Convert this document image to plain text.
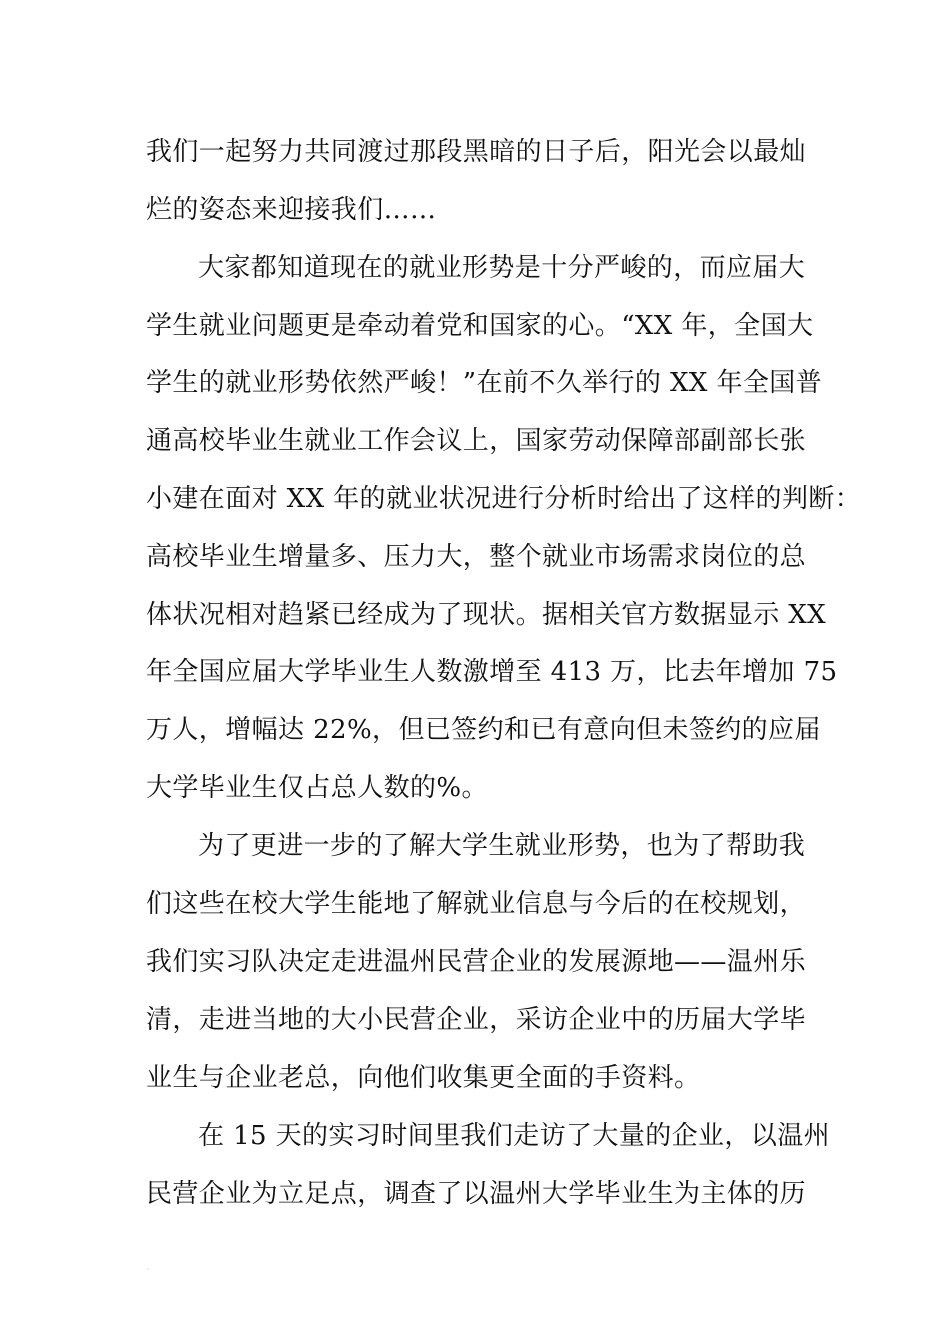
我们一起努力共同渡过那段黑暗的日子后，阳光会以最灿
烂的姿态来迎接我们……
大家都知道现在的就业形势是十分严峻的，而应届大
学生就业问题更是牵动着党和国家的心。“XX 年，全国大
学生的就业形势依然严峻！”在前不久举行的 XX 年全国普
通高校毕业生就业工作会议上，国家劳动保障部副部长张
小建在面对 XX 年的就业状况进行分析时给出了这样的判断：
高校毕业生增量多、压力大，整个就业市场需求岗位的总
体状况相对趋紧已经成为了现状。据相关官方数据显示 XX
年全国应届大学毕业生人数激增至 413 万，比去年增加 75
万人，增幅达 22%，但已签约和已有意向但未签约的应届
大学毕业生仅占总人数的%。
为了更进一步的了解大学生就业形势，也为了帮助我
们这些在校大学生能地了解就业信息与今后的在校规划，
我们实习队决定走进温州民营企业的发展源地——温州乐
清，走进当地的大小民营企业，采访企业中的历届大学毕
业生与企业老总，向他们收集更全面的手资料。
在 15 天的实习时间里我们走访了大量的企业，以温州
民营企业为立足点，调查了以温州大学毕业生为主体的历
